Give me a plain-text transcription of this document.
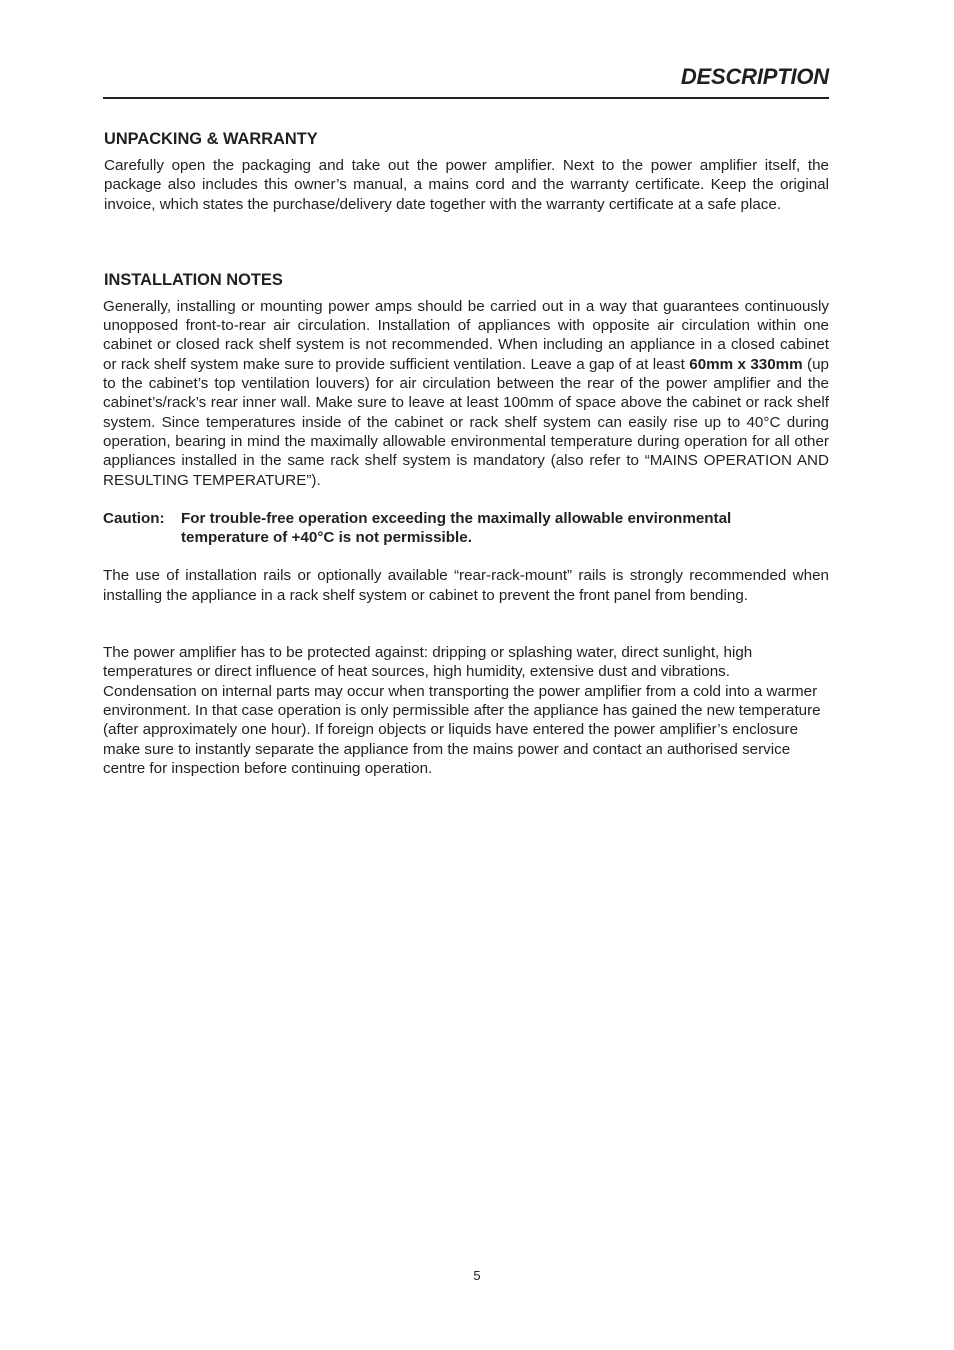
DESCRIPTION
UNPACKING & WARRANTY

Carefully open the packaging and take out the power amplifier. Next to the power amplifier itself, the package also includes this owner’s manual, a mains cord and the warranty certificate. Keep the original invoice, which states the purchase/delivery date together with the warranty certificate at a safe place.

INSTALLATION NOTES

Generally, installing or mounting power amps should be carried out in a way that guarantees continuously unopposed front-to-rear air circulation. Installation of appliances with opposite air circulation within one cabinet or closed rack shelf system is not recommended. When including an appliance in a closed cabinet or rack shelf system make sure to provide sufficient ventilation. Leave a gap of at least 60mm x 330mm (up to the cabinet’s top ventilation louvers) for air circulation between the rear of the power amplifier and the cabinet’s/rack’s rear inner wall. Make sure to leave at least 100mm of space above the cabinet or rack shelf system. Since temperatures inside of the cabinet or rack shelf system can easily rise up to 40°C during operation, bearing in mind the maximally allowable environmental temperature during operation for all other appliances installed in the same rack shelf system is mandatory (also refer to “MAINS OPERATION AND RESULTING TEMPERATURE”).

Caution:	For trouble-free operation exceeding the maximally allowable environmental temperature of +40°C is not permissible.

The use of installation rails or optionally available “rear-rack-mount” rails is strongly recommended when installing the appliance in a rack shelf system or cabinet to prevent the front panel from bending.

The power amplifier has to be protected against: dripping or splashing water, direct sunlight, high temperatures or direct influence of heat sources, high humidity, extensive dust and vibrations.
Condensation on internal parts may occur when transporting the power amplifier from a cold into a warmer environment. In that case operation is only permissible after the appliance has gained the new temperature (after approximately one hour). If foreign objects or liquids have entered the power amplifier’s enclosure make sure to instantly separate the appliance from the mains power and contact an authorised service centre for inspection before continuing operation.

5
